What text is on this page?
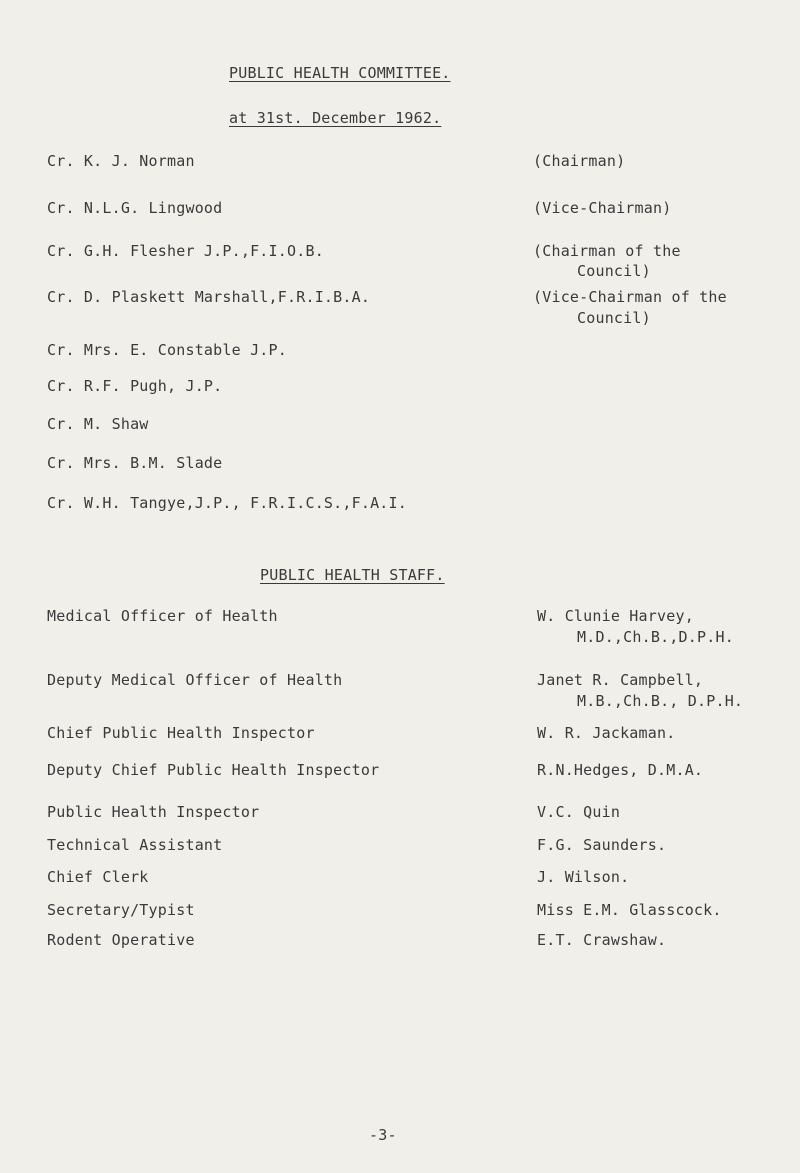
PUBLIC HEALTH COMMITTEE.
at 31st. December 1962.
Cr. K. J. Norman	(Chairman)
Cr. N.L.G. Lingwood	(Vice-Chairman)
Cr. G.H. Flesher J.P.,F.I.O.B.	(Chairman of the
Council)
Cr. D. Plaskett Marshall,F.R.I.B.A.	(Vice-Chairman of the
Council)
Cr. Mrs. E. Constable J.P.
Cr. R.F. Pugh, J.P.
Cr. M. Shaw
Cr. Mrs. B.M. Slade
Cr. W.H. Tangye,J.P., F.R.I.C.S.,F.A.I.
PUBLIC HEALTH STAFF.
Medical Officer of Health	W. Clunie Harvey,
M.D.,Ch.B.,D.P.H.
Deputy Medical Officer of Health	Janet R. Campbell,
M.B.,Ch.B., D.P.H.
Chief Public Health Inspector	W. R. Jackaman.
Deputy Chief Public Health Inspector	R.N.Hedges, D.M.A.
Public Health Inspector	V.C. Quin
Technical Assistant	F.G. Saunders.
Chief Clerk	J. Wilson.
Secretary/Typist	Miss E.M. Glasscock.
Rodent Operative	E.T. Crawshaw.
-3-
